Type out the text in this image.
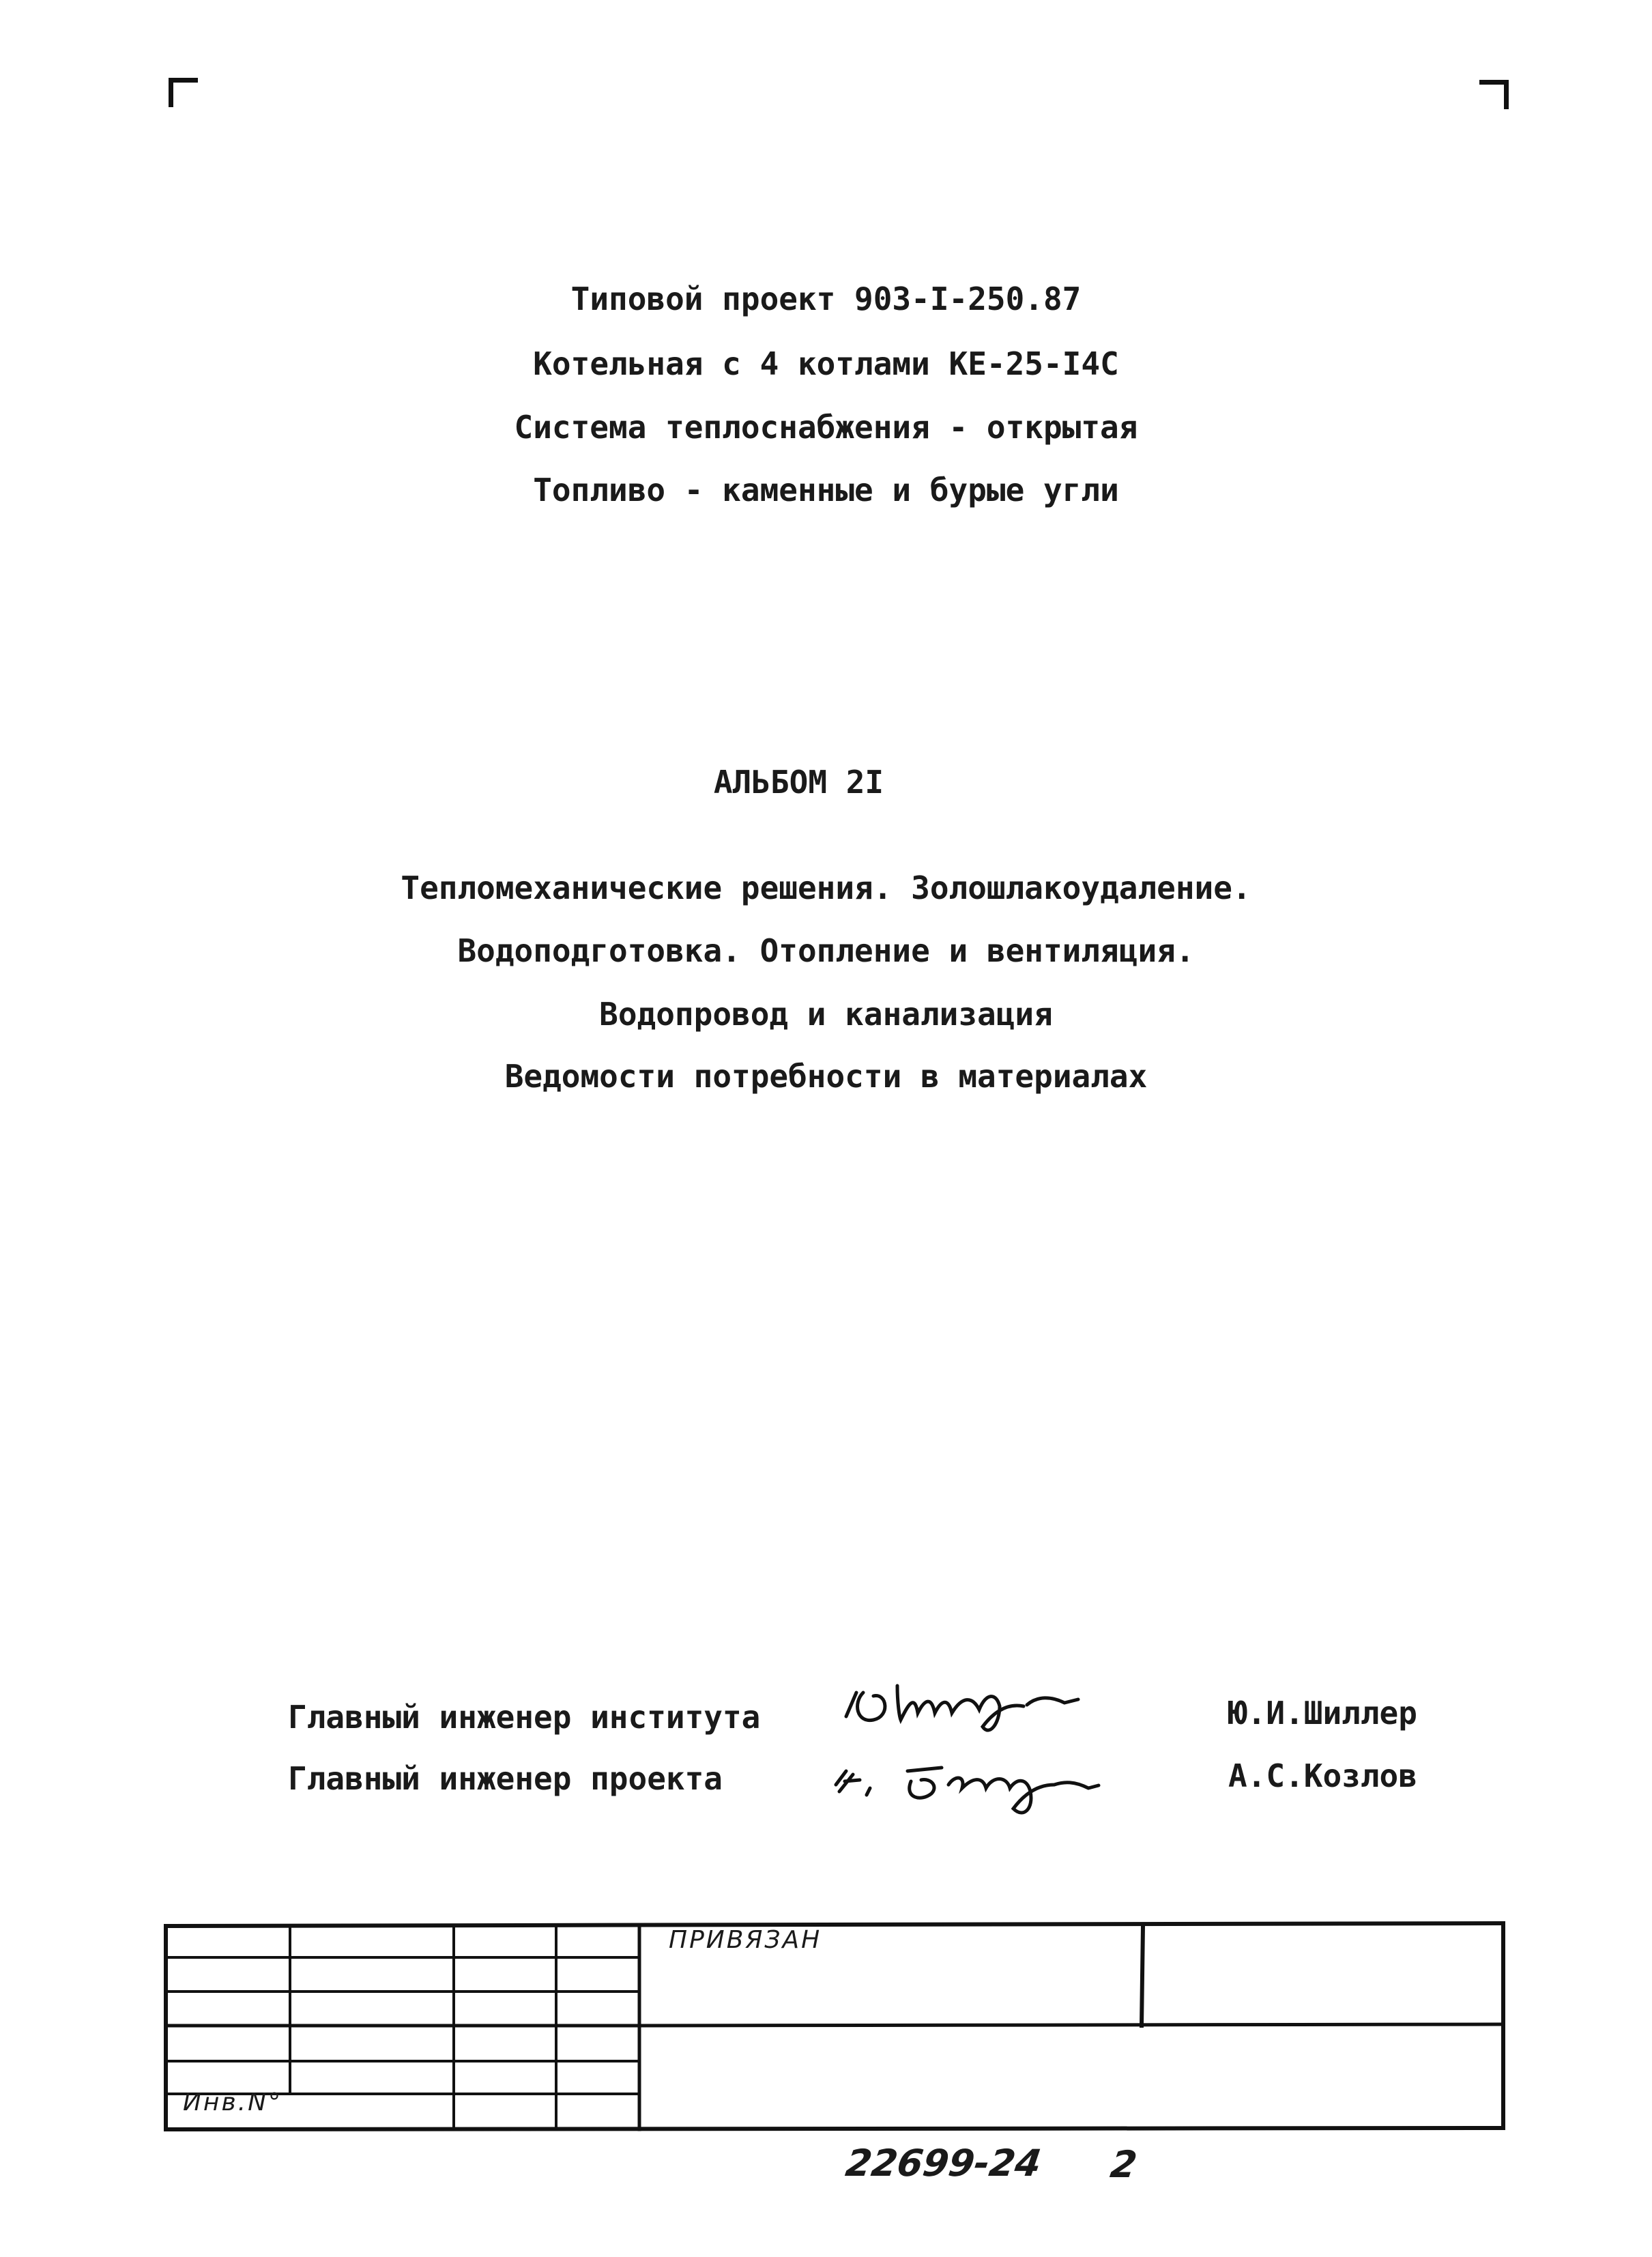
Типовой проект 903-I-250.87
Котельная с 4 котлами КЕ-25-I4С
Система теплоснабжения - открытая
Топливо - каменные и бурые угли
АЛЬБОМ 2I
Тепломеханические решения. Золошлакоудаление.
Водоподготовка. Отопление и вентиляция.
Водопровод и канализация
Ведомости потребности в материалах
Главный инженер института	Ю.И.Шиллер
Главный инженер проекта	А.С.Козлов
ПРИВЯЗАН
Инв.N°
22699-24 2
